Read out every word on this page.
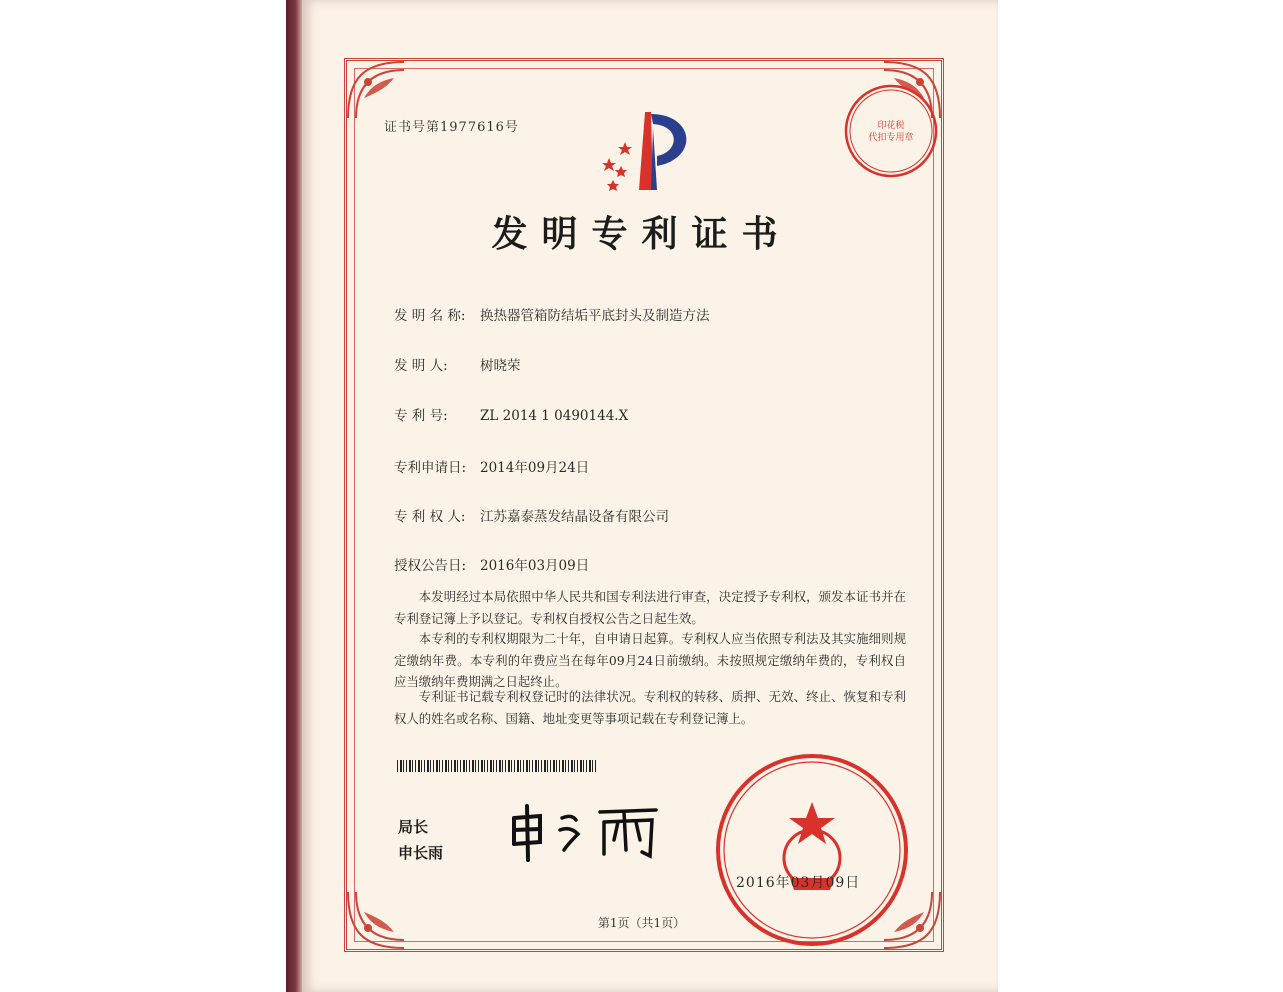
证书号第1977616号
发明专利证书
发 明 名 称: 换热器管箱防结垢平底封头及制造方法
发 明 人: 树晓荣
专 利 号: ZL 2014 1 0490144.X
专利申请日: 2014年09月24日
专 利 权 人: 江苏嘉泰蒸发结晶设备有限公司
授权公告日: 2016年03月09日

本发明经过本局依照中华人民共和国专利法进行审查，决定授予专利权，颁发本证书并在专利登记簿上予以登记。专利权自授权公告之日起生效。

本专利的专利权期限为二十年，自申请日起算。专利权人应当依照专利法及其实施细则规定缴纳年费。本专利的年费应当在每年09月24日前缴纳。未按照规定缴纳年费的，专利权自应当缴纳年费期满之日起终止。

专利证书记载专利权登记时的法律状况。专利权的转移、质押、无效、终止、恢复和专利权人的姓名或名称、国籍、地址变更等事项记载在专利登记簿上。

局长
申长雨
印花税
代扣专用章
2016年03月09日
第1页（共1页）
